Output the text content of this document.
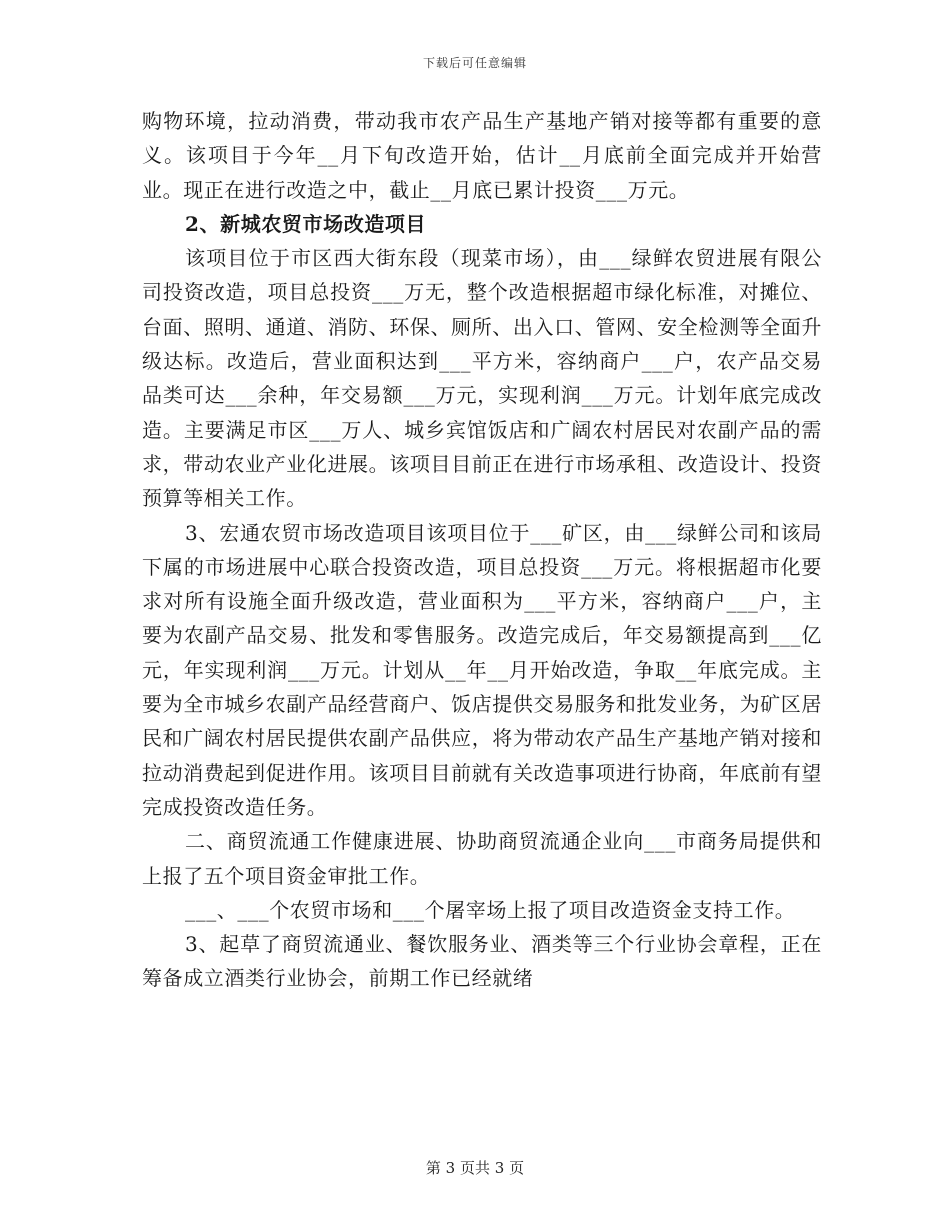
下载后可任意编辑

购物环境，拉动消费，带动我市农产品生产基地产销对接等都有重要的意义。该项目于今年__月下旬改造开始，估计__月底前全面完成并开始营业。现正在进行改造之中，截止__月底已累计投资___万元。

2、新城农贸市场改造项目

该项目位于市区西大街东段（现菜市场），由___绿鲜农贸进展有限公司投资改造，项目总投资___万无，整个改造根据超市绿化标准，对摊位、台面、照明、通道、消防、环保、厕所、出入口、管网、安全检测等全面升级达标。改造后，营业面积达到___平方米，容纳商户___户，农产品交易品类可达___余种，年交易额___万元，实现利润___万元。计划年底完成改造。主要满足市区___万人、城乡宾馆饭店和广阔农村居民对农副产品的需求，带动农业产业化进展。该项目目前正在进行市场承租、改造设计、投资预算等相关工作。

3、宏通农贸市场改造项目该项目位于___矿区，由___绿鲜公司和该局下属的市场进展中心联合投资改造，项目总投资___万元。将根据超市化要求对所有设施全面升级改造，营业面积为___平方米，容纳商户___户，主要为农副产品交易、批发和零售服务。改造完成后，年交易额提高到___亿元，年实现利润___万元。计划从__年__月开始改造，争取__年底完成。主要为全市城乡农副产品经营商户、饭店提供交易服务和批发业务，为矿区居民和广阔农村居民提供农副产品供应，将为带动农产品生产基地产销对接和拉动消费起到促进作用。该项目目前就有关改造事项进行协商，年底前有望完成投资改造任务。

二、商贸流通工作健康进展、协助商贸流通企业向___市商务局提供和上报了五个项目资金审批工作。

___、___个农贸市场和___个屠宰场上报了项目改造资金支持工作。

3、起草了商贸流通业、餐饮服务业、酒类等三个行业协会章程，正在筹备成立酒类行业协会，前期工作已经就绪

第 3 页共 3 页
